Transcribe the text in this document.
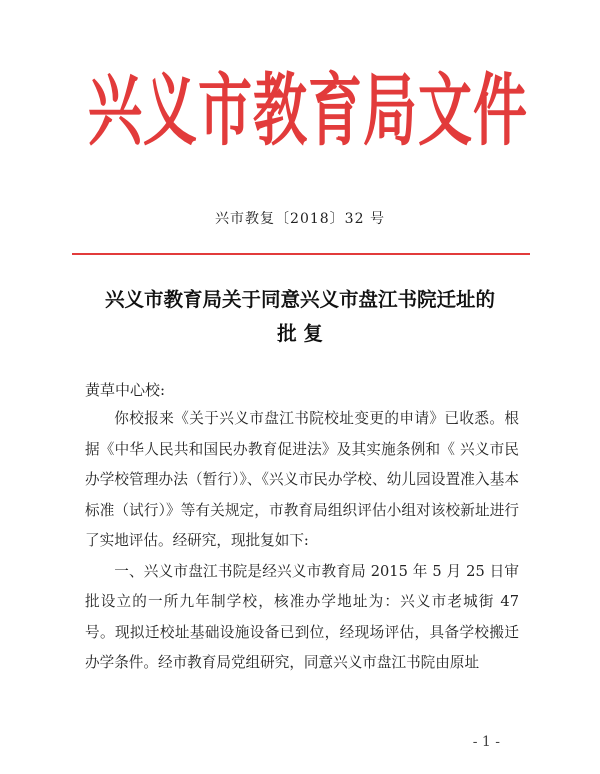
兴义市教育局文件
兴市教复〔2018〕32 号
兴义市教育局关于同意兴义市盘江书院迁址的
批 复
黄草中心校:

你校报来《关于兴义市盘江书院校址变更的申请》已收悉。根据《中华人民共和国民办教育促进法》及其实施条例和《 兴义市民办学校管理办法（暂行）》、《兴义市民办学校、幼儿园设置准入基本标准（试行）》等有关规定，市教育局组织评估小组对该校新址进行了实地评估。经研究，现批复如下:

一、兴义市盘江书院是经兴义市教育局 2015 年 5 月 25 日审批设立的一所九年制学校，核准办学地址为：兴义市老城街 47 号。现拟迁校址基础设施设备已到位，经现场评估，具备学校搬迁办学条件。经市教育局党组研究，同意兴义市盘江书院由原址

- 1 -
